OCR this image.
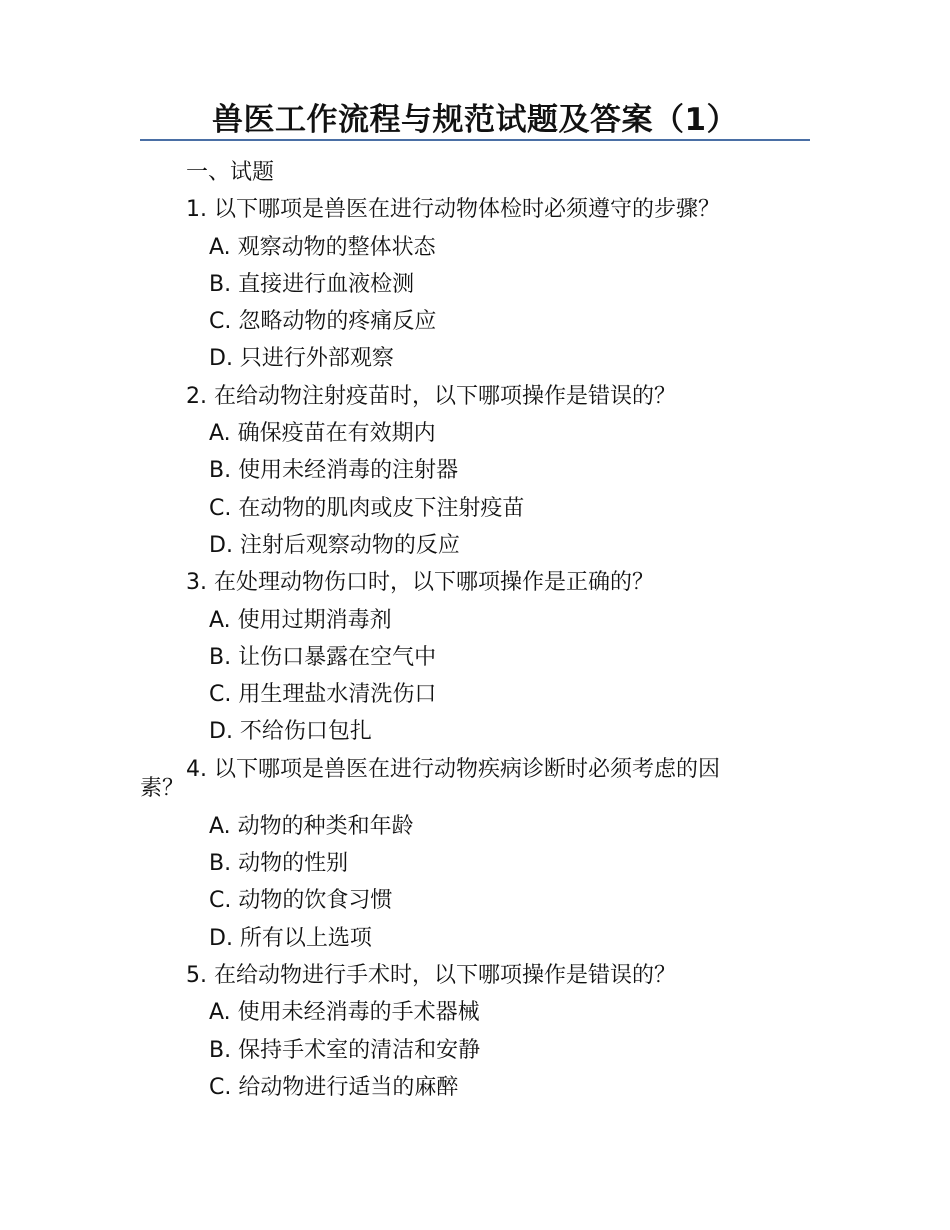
兽医工作流程与规范试题及答案（1）
一、试题
1. 以下哪项是兽医在进行动物体检时必须遵守的步骤？
A. 观察动物的整体状态
B. 直接进行血液检测
C. 忽略动物的疼痛反应
D. 只进行外部观察
2. 在给动物注射疫苗时，以下哪项操作是错误的？
A. 确保疫苗在有效期内
B. 使用未经消毒的注射器
C. 在动物的肌肉或皮下注射疫苗
D. 注射后观察动物的反应
3. 在处理动物伤口时，以下哪项操作是正确的？
A. 使用过期消毒剂
B. 让伤口暴露在空气中
C. 用生理盐水清洗伤口
D. 不给伤口包扎
4. 以下哪项是兽医在进行动物疾病诊断时必须考虑的因
素？
A. 动物的种类和年龄
B. 动物的性别
C. 动物的饮食习惯
D. 所有以上选项
5. 在给动物进行手术时，以下哪项操作是错误的？
A. 使用未经消毒的手术器械
B. 保持手术室的清洁和安静
C. 给动物进行适当的麻醉
